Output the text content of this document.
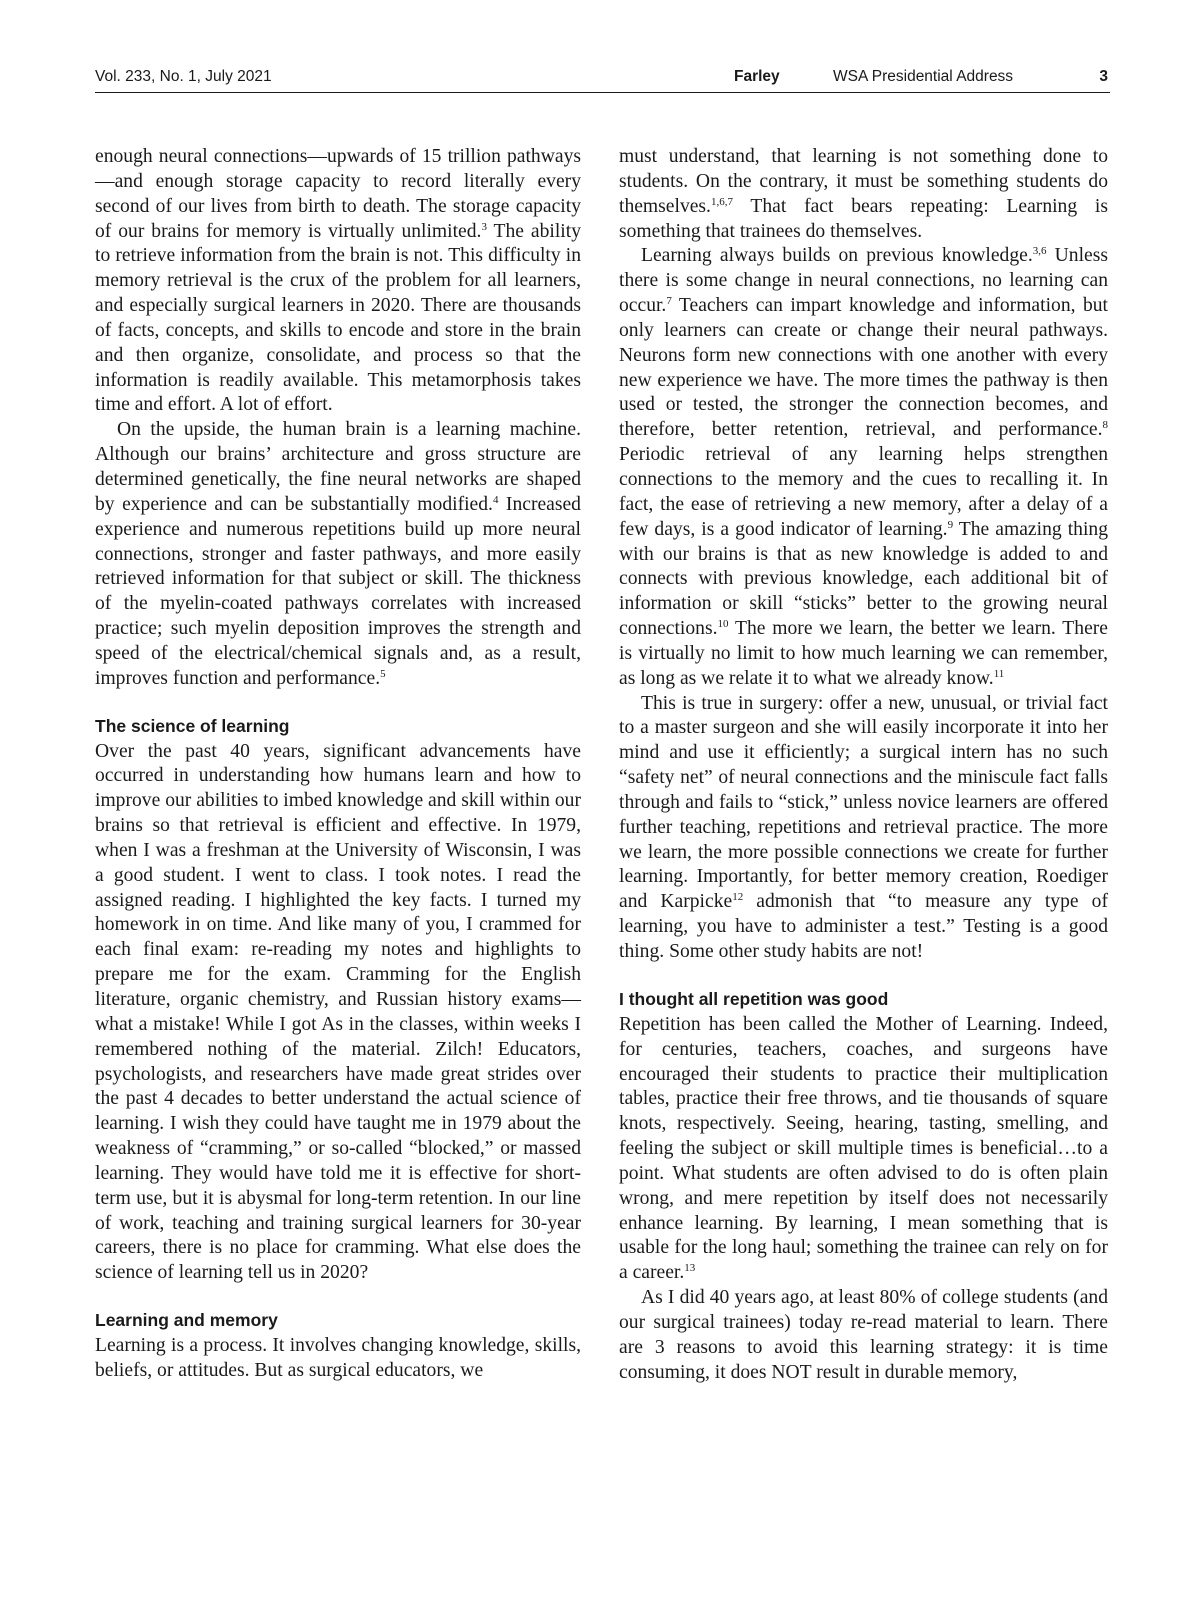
Vol. 233, No. 1, July 2021	Farley	WSA Presidential Address	3

enough neural connections—upwards of 15 trillion pathways—and enough storage capacity to record literally every second of our lives from birth to death. The storage capacity of our brains for memory is virtually unlimited.$^3$ The ability to retrieve information from the brain is not. This difficulty in memory retrieval is the crux of the problem for all learners, and especially surgical learners in 2020. There are thousands of facts, concepts, and skills to encode and store in the brain and then organize, consolidate, and process so that the information is readily available. This metamorphosis takes time and effort. A lot of effort.

On the upside, the human brain is a learning machine. Although our brains’ architecture and gross structure are determined genetically, the fine neural networks are shaped by experience and can be substantially modified.$^4$ Increased experience and numerous repetitions build up more neural connections, stronger and faster pathways, and more easily retrieved information for that subject or skill. The thickness of the myelin-coated pathways correlates with increased practice; such myelin deposition improves the strength and speed of the electrical/chemical signals and, as a result, improves function and performance.$^5$

The science of learning

Over the past 40 years, significant advancements have occurred in understanding how humans learn and how to improve our abilities to imbed knowledge and skill within our brains so that retrieval is efficient and effective. In 1979, when I was a freshman at the University of Wisconsin, I was a good student. I went to class. I took notes. I read the assigned reading. I highlighted the key facts. I turned my homework in on time. And like many of you, I crammed for each final exam: re-reading my notes and highlights to prepare me for the exam. Cramming for the English literature, organic chemistry, and Russian history exams—what a mistake! While I got As in the classes, within weeks I remembered nothing of the material. Zilch! Educators, psychologists, and researchers have made great strides over the past 4 decades to better understand the actual science of learning. I wish they could have taught me in 1979 about the weakness of “cramming,” or so-called “blocked,” or massed learning. They would have told me it is effective for short-term use, but it is abysmal for long-term retention. In our line of work, teaching and training surgical learners for 30-year careers, there is no place for cramming. What else does the science of learning tell us in 2020?

Learning and memory

Learning is a process. It involves changing knowledge, skills, beliefs, or attitudes. But as surgical educators, we

must understand, that learning is not something done to students. On the contrary, it must be something students do themselves.$^{1,6,7}$ That fact bears repeating: Learning is something that trainees do themselves.

Learning always builds on previous knowledge.$^{3,6}$ Unless there is some change in neural connections, no learning can occur.$^7$ Teachers can impart knowledge and information, but only learners can create or change their neural pathways. Neurons form new connections with one another with every new experience we have. The more times the pathway is then used or tested, the stronger the connection becomes, and therefore, better retention, retrieval, and performance.$^8$ Periodic retrieval of any learning helps strengthen connections to the memory and the cues to recalling it. In fact, the ease of retrieving a new memory, after a delay of a few days, is a good indicator of learning.$^9$ The amazing thing with our brains is that as new knowledge is added to and connects with previous knowledge, each additional bit of information or skill “sticks” better to the growing neural connections.$^{10}$ The more we learn, the better we learn. There is virtually no limit to how much learning we can remember, as long as we relate it to what we already know.$^{11}$

This is true in surgery: offer a new, unusual, or trivial fact to a master surgeon and she will easily incorporate it into her mind and use it efficiently; a surgical intern has no such “safety net” of neural connections and the miniscule fact falls through and fails to “stick,” unless novice learners are offered further teaching, repetitions and retrieval practice. The more we learn, the more possible connections we create for further learning. Importantly, for better memory creation, Roediger and Karpicke$^{12}$ admonish that “to measure any type of learning, you have to administer a test.” Testing is a good thing. Some other study habits are not!

I thought all repetition was good

Repetition has been called the Mother of Learning. Indeed, for centuries, teachers, coaches, and surgeons have encouraged their students to practice their multiplication tables, practice their free throws, and tie thousands of square knots, respectively. Seeing, hearing, tasting, smelling, and feeling the subject or skill multiple times is beneficial…to a point. What students are often advised to do is often plain wrong, and mere repetition by itself does not necessarily enhance learning. By learning, I mean something that is usable for the long haul; something the trainee can rely on for a career.$^{13}$

As I did 40 years ago, at least 80% of college students (and our surgical trainees) today re-read material to learn. There are 3 reasons to avoid this learning strategy: it is time consuming, it does NOT result in durable memory,
